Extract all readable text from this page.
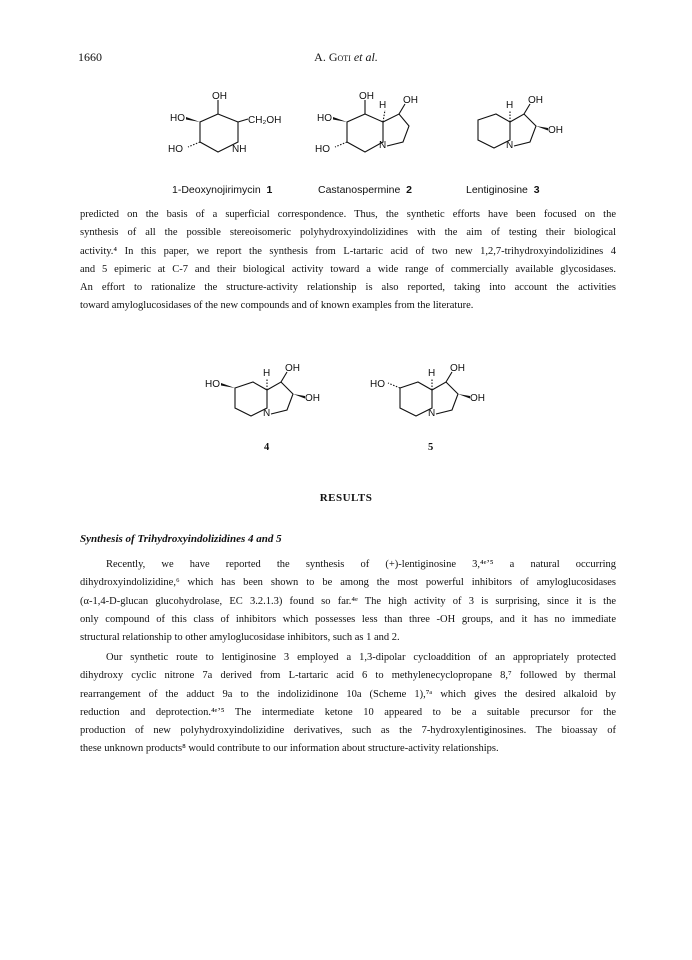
1660	A. Goti et al.
OH
HO	CH₂OH
HO	NH
OH
H OH
HO
HO	N
H OH
OH
N
1-Deoxynojirimycin 1	Castanospermine 2	Lentiginosine 3
predicted on the basis of a superficial correspondence. Thus, the synthetic efforts have been focused on the
synthesis of all the possible stereoisomeric polyhydroxyindolizidines with the aim of testing their biological
activity.⁴ In this paper, we report the synthesis from L-tartaric acid of two new 1,2,7-trihydroxyindolizidines 4
and 5 epimeric at C-7 and their biological activity toward a wide range of commercially available glycosidases.
An effort to rationalize the structure-activity relationship is also reported, taking into account the activities
toward amyloglucosidases of the new compounds and of known examples from the literature.
H OH
HO
OH
N
H OH
HO
OH
N
4	5
RESULTS
Synthesis of Trihydroxyindolizidines 4 and 5
Recently, we have reported the synthesis of (+)-lentiginosine 3,⁴ᵉ’⁵ a natural occurring
dihydroxyindolizidine,⁶ which has been shown to be among the most powerful inhibitors of amyloglucosidases
(α-1,4-D-glucan glucohydrolase, EC 3.2.1.3) found so far.⁴ᵉ The high activity of 3 is surprising, since it is the
only compound of this class of inhibitors which possesses less than three -OH groups, and it has no immediate
structural relationship to other amyloglucosidase inhibitors, such as 1 and 2.
Our synthetic route to lentiginosine 3 employed a 1,3-dipolar cycloaddition of an appropriately protected
dihydroxy cyclic nitrone 7a derived from L-tartaric acid 6 to methylenecyclopropane 8,⁷ followed by thermal
rearrangement of the adduct 9a to the indolizidinone 10a (Scheme 1),⁷ᵃ which gives the desired alkaloid by
reduction and deprotection.⁴ᵉ’⁵ The intermediate ketone 10 appeared to be a suitable precursor for the
production of new polyhydroxyindolizidine derivatives, such as the 7-hydroxylentiginosines. The bioassay of
these unknown products⁸ would contribute to our information about structure-activity relationships.
